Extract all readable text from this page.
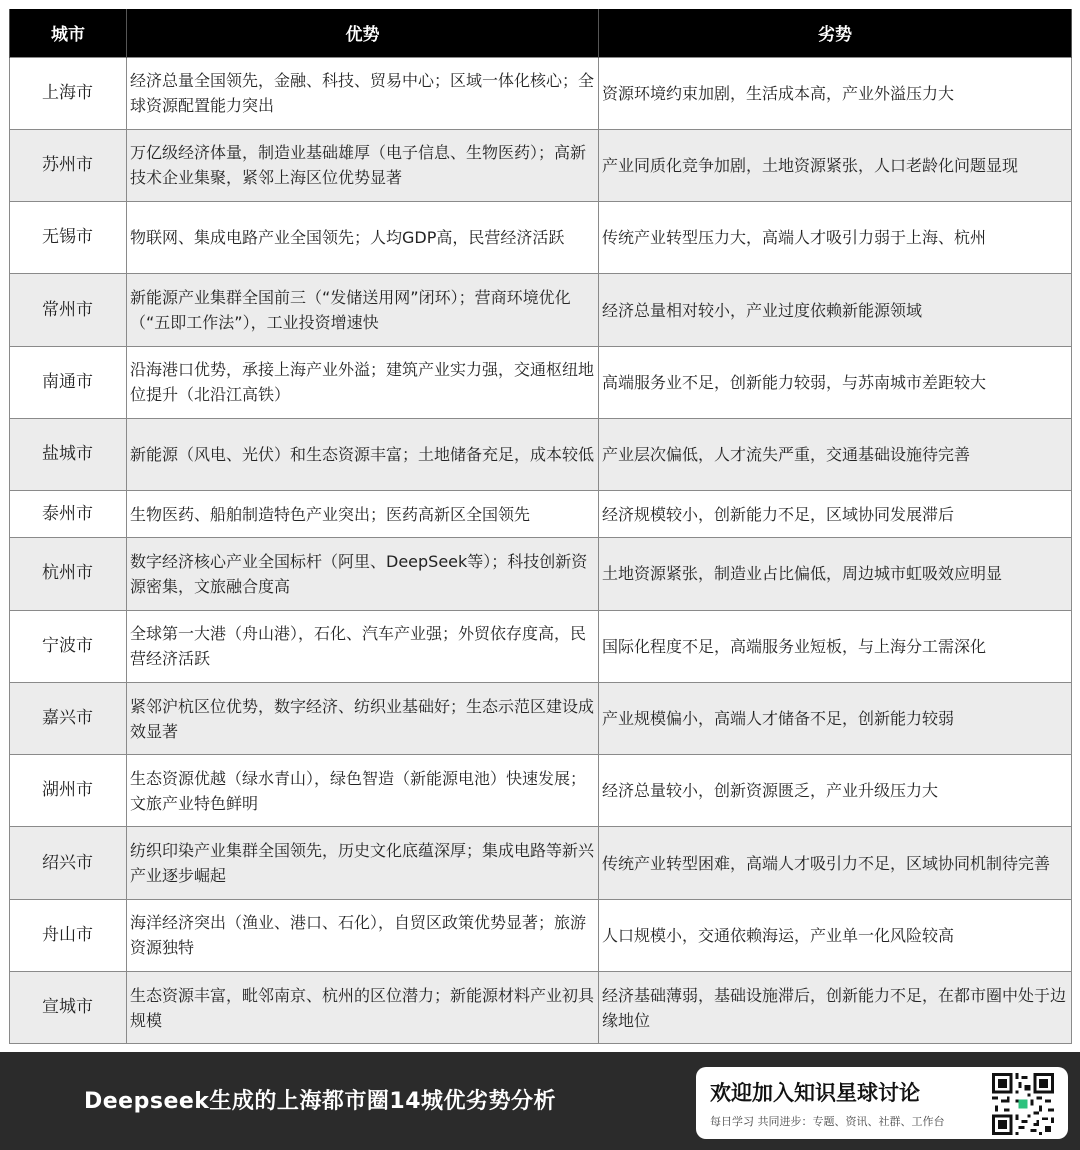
城市	优势	劣势
上海市	经济总量全国领先，金融、科技、贸易中心；区域一体化核心；全球资源配置能力突出	资源环境约束加剧，生活成本高，产业外溢压力大
苏州市	万亿级经济体量，制造业基础雄厚（电子信息、生物医药）；高新技术企业集聚，紧邻上海区位优势显著	产业同质化竞争加剧，土地资源紧张，人口老龄化问题显现
无锡市	物联网、集成电路产业全国领先；人均GDP高，民营经济活跃	传统产业转型压力大，高端人才吸引力弱于上海、杭州
常州市	新能源产业集群全国前三（“发储送用网”闭环）；营商环境优化（“五即工作法”），工业投资增速快	经济总量相对较小，产业过度依赖新能源领域
南通市	沿海港口优势，承接上海产业外溢；建筑产业实力强，交通枢纽地位提升（北沿江高铁）	高端服务业不足，创新能力较弱，与苏南城市差距较大
盐城市	新能源（风电、光伏）和生态资源丰富；土地储备充足，成本较低	产业层次偏低，人才流失严重，交通基础设施待完善
泰州市	生物医药、船舶制造特色产业突出；医药高新区全国领先	经济规模较小，创新能力不足，区域协同发展滞后
杭州市	数字经济核心产业全国标杆（阿里、DeepSeek等）；科技创新资源密集，文旅融合度高	土地资源紧张，制造业占比偏低，周边城市虹吸效应明显
宁波市	全球第一大港（舟山港），石化、汽车产业强；外贸依存度高，民营经济活跃	国际化程度不足，高端服务业短板，与上海分工需深化
嘉兴市	紧邻沪杭区位优势，数字经济、纺织业基础好；生态示范区建设成效显著	产业规模偏小，高端人才储备不足，创新能力较弱
湖州市	生态资源优越（绿水青山），绿色智造（新能源电池）快速发展；文旅产业特色鲜明	经济总量较小，创新资源匮乏，产业升级压力大
绍兴市	纺织印染产业集群全国领先，历史文化底蕴深厚；集成电路等新兴产业逐步崛起	传统产业转型困难，高端人才吸引力不足，区域协同机制待完善
舟山市	海洋经济突出（渔业、港口、石化），自贸区政策优势显著；旅游资源独特	人口规模小，交通依赖海运，产业单一化风险较高
宣城市	生态资源丰富，毗邻南京、杭州的区位潜力；新能源材料产业初具规模	经济基础薄弱，基础设施滞后，创新能力不足，在都市圈中处于边缘地位
Deepseek生成的上海都市圈14城优劣势分析	欢迎加入知识星球讨论
每日学习 共同进步：专题、资讯、社群、工作台
